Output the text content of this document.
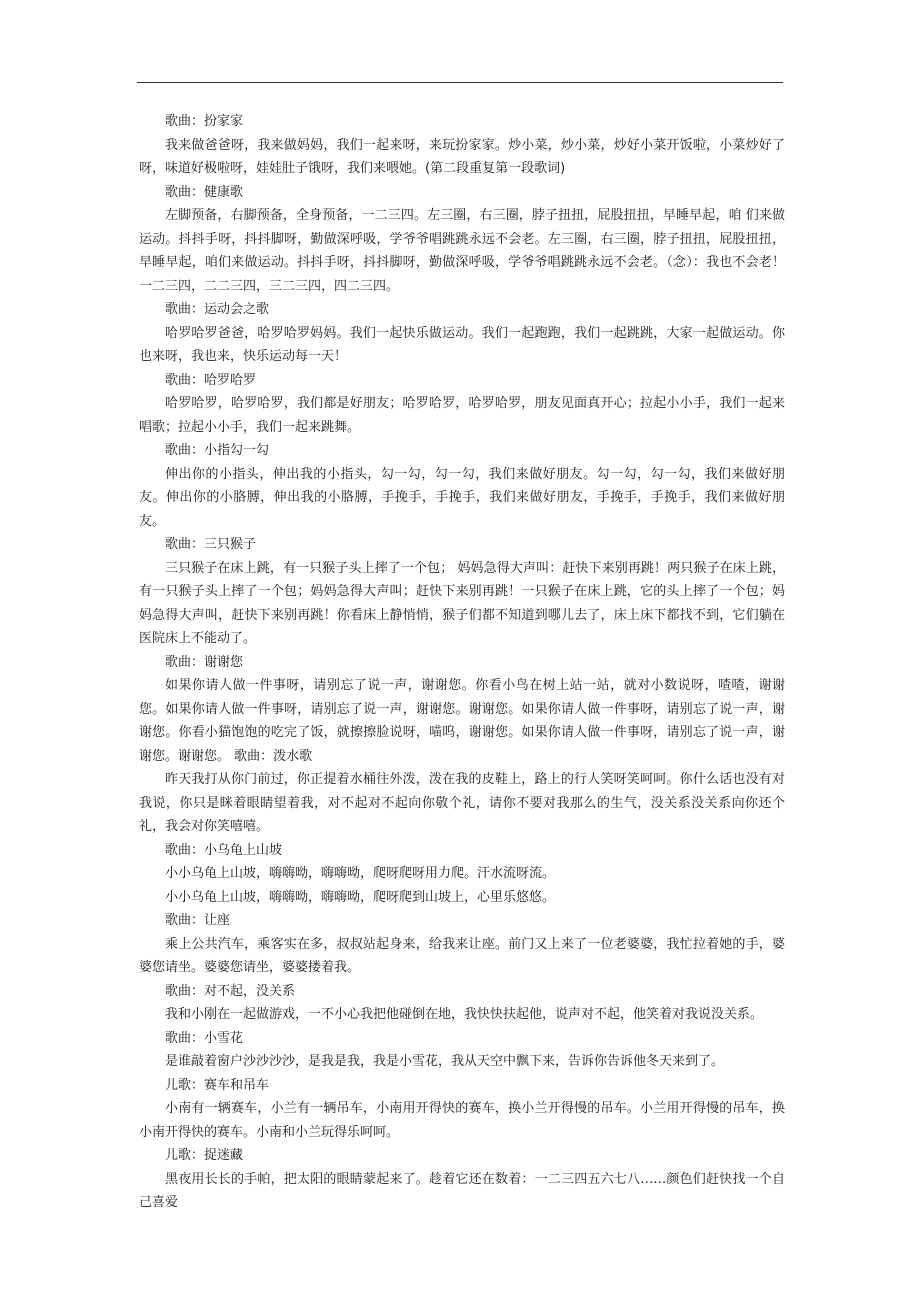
歌曲：扮家家

我来做爸爸呀，我来做妈妈，我们一起来呀，来玩扮家家。炒小菜，炒小菜，炒好小菜开饭啦，小菜炒好了呀，味道好极啦呀，娃娃肚子饿呀，我们来喂她。(第二段重复第一段歌词)

歌曲：健康歌

左脚预备，右脚预备，全身预备，一二三四。左三圈，右三圈，脖子扭扭，屁股扭扭，早睡早起，咱 们来做运动。抖抖手呀，抖抖脚呀，勤做深呼吸，学爷爷唱跳跳永远不会老。左三圈，右三圈，脖子扭扭，屁股扭扭，早睡早起，咱们来做运动。抖抖手呀，抖抖脚呀，勤做深呼吸，学爷爷唱跳跳永远不会老。（念）：我也不会老！一二三四，二二三四，三二三四，四二三四。

歌曲：运动会之歌

哈罗哈罗爸爸，哈罗哈罗妈妈。我们一起快乐做运动。我们一起跑跑，我们一起跳跳，大家一起做运动。你也来呀，我也来，快乐运动每一天！

歌曲：哈罗哈罗

哈罗哈罗，哈罗哈罗，我们都是好朋友；哈罗哈罗，哈罗哈罗，朋友见面真开心；拉起小小手，我们一起来唱歌；拉起小小手，我们一起来跳舞。

歌曲：小指勾一勾

伸出你的小指头，伸出我的小指头，勾一勾，勾一勾，我们来做好朋友。勾一勾，勾一勾，我们来做好朋友。伸出你的小胳膊，伸出我的小胳膊，手挽手，手挽手，我们来做好朋友，手挽手，手挽手，我们来做好朋友。

歌曲：三只猴子

三只猴子在床上跳，有一只猴子头上摔了一个包； 妈妈急得大声叫：赶快下来别再跳！两只猴子在床上跳，有一只猴子头上摔了一个包；妈妈急得大声叫；赶快下来别再跳！一只猴子在床上跳，它的头上摔了一个包；妈妈急得大声叫，赶快下来别再跳！你看床上静悄悄，猴子们都不知道到哪儿去了，床上床下都找不到，它们躺在医院床上不能动了。

歌曲：谢谢您

如果你请人做一件事呀，请别忘了说一声，谢谢您。你看小鸟在树上站一站，就对小数说呀，喳喳，谢谢您。如果你请人做一件事呀，请别忘了说一声，谢谢您。谢谢您。如果你请人做一件事呀，请别忘了说一声，谢谢您。你看小猫饱饱的吃完了饭，就擦擦脸说呀，喵呜，谢谢您。如果你请人做一件事呀，请别忘了说一声，谢谢您。谢谢您。 歌曲：泼水歌

昨天我打从你门前过，你正提着水桶往外泼，泼在我的皮鞋上，路上的行人笑呀笑呵呵。你什么话也没有对我说，你只是眯着眼睛望着我，对不起对不起向你敬个礼，请你不要对我那么的生气，没关系没关系向你还个礼，我会对你笑嘻嘻。

歌曲：小乌龟上山坡

小小乌龟上山坡，嗨嗨呦，嗨嗨呦，爬呀爬呀用力爬。汗水流呀流。

小小乌龟上山坡，嗨嗨呦，嗨嗨呦，爬呀爬到山坡上，心里乐悠悠。

歌曲：让座

乘上公共汽车，乘客实在多，叔叔站起身来，给我来让座。前门又上来了一位老婆婆，我忙拉着她的手，婆婆您请坐。婆婆您请坐，婆婆搂着我。

歌曲：对不起，没关系

我和小刚在一起做游戏，一不小心我把他碰倒在地，我快快扶起他，说声对不起，他笑着对我说没关系。

歌曲：小雪花

是谁敲着窗户沙沙沙沙，是我是我，我是小雪花，我从天空中飘下来，告诉你告诉他冬天来到了。

儿歌：赛车和吊车

小南有一辆赛车，小兰有一辆吊车，小南用开得快的赛车，换小兰开得慢的吊车。小兰用开得慢的吊车，换小南开得快的赛车。小南和小兰玩得乐呵呵。

儿歌：捉迷藏

黑夜用长长的手帕，把太阳的眼睛蒙起来了。趁着它还在数着：一二三四五六七八……颜色们赶快找一个自己喜爱
